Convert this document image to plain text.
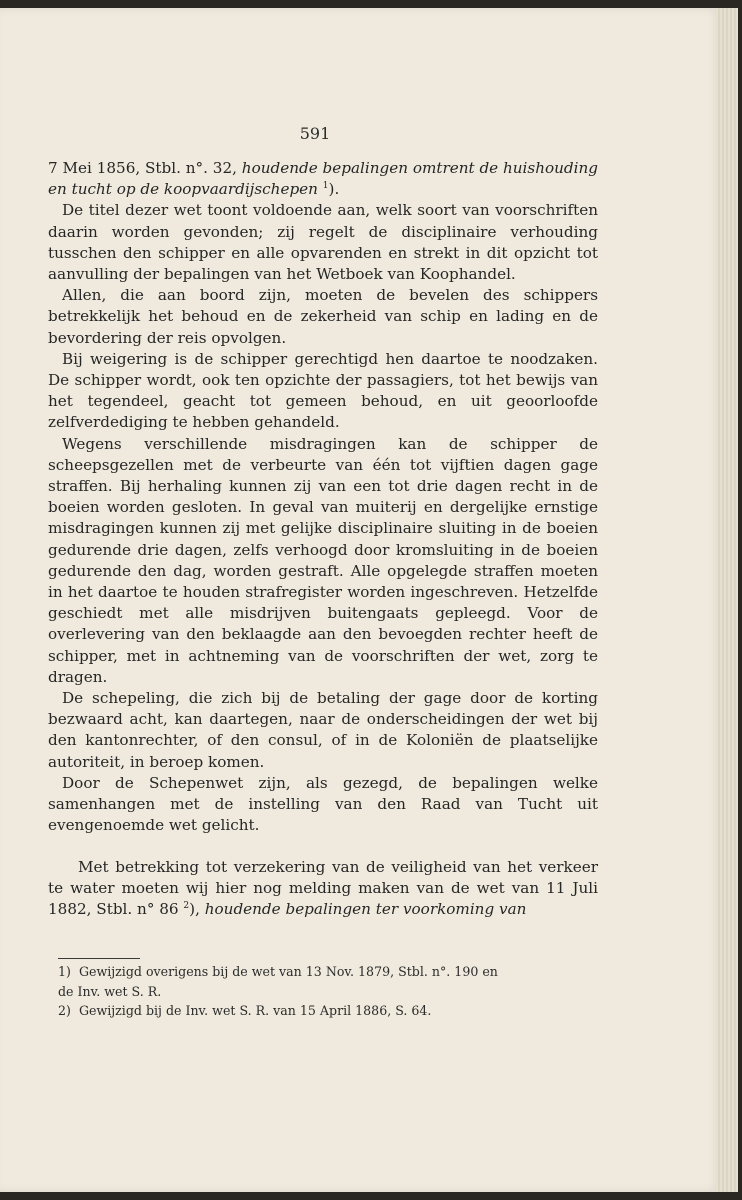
591

7 Mei 1856, Stbl. n°. 32, houdende bepalingen omtrent de huishouding en tucht op de koopvaardijschepen $^1$).

De titel dezer wet toont voldoende aan, welk soort van voorschriften daarin worden gevonden; zij regelt de disciplinaire verhouding tusschen den schipper en alle opvarenden en strekt in dit opzicht tot aanvulling der bepalingen van het Wetboek van Koophandel.

Allen, die aan boord zijn, moeten de bevelen des schippers betrekkelijk het behoud en de zekerheid van schip en lading en de bevordering der reis opvolgen.

Bij weigering is de schipper gerechtigd hen daartoe te noodzaken. De schipper wordt, ook ten opzichte der passagiers, tot het bewijs van het tegendeel, geacht tot gemeen behoud, en uit geoorloofde zelfverdediging te hebben gehandeld.

Wegens verschillende misdragingen kan de schipper de scheepsgezellen met de verbeurte van één tot vijftien dagen gage straffen. Bij herhaling kunnen zij van een tot drie dagen recht in de boeien worden gesloten. In geval van muiterij en dergelijke ernstige misdragingen kunnen zij met gelijke disciplinaire sluiting in de boeien gedurende drie dagen, zelfs verhoogd door kromsluiting in de boeien gedurende den dag, worden gestraft. Alle opgelegde straffen moeten in het daartoe te houden strafregister worden ingeschreven. Hetzelfde geschiedt met alle misdrijven buitengaats gepleegd. Voor de overlevering van den beklaagde aan den bevoegden rechter heeft de schipper, met in achtneming van de voorschriften der wet, zorg te dragen.

De schepeling, die zich bij de betaling der gage door de korting bezwaard acht, kan daartegen, naar de onderscheidingen der wet bij den kantonrechter, of den consul, of in de Koloniën de plaatselijke autoriteit, in beroep komen.

Door de Schepenwet zijn, als gezegd, de bepalingen welke samenhangen met de instelling van den Raad van Tucht uit evengenoemde wet gelicht.

Met betrekking tot verzekering van de veiligheid van het verkeer te water moeten wij hier nog melding maken van de wet van 11 Juli 1882, Stbl. n° 86 $^2$), houdende bepalingen ter voorkoming van

1) Gewijzigd overigens bij de wet van 13 Nov. 1879, Stbl. n°. 190 en
de Inv. wet S. R.

2) Gewijzigd bij de Inv. wet S. R. van 15 April 1886, S. 64.
